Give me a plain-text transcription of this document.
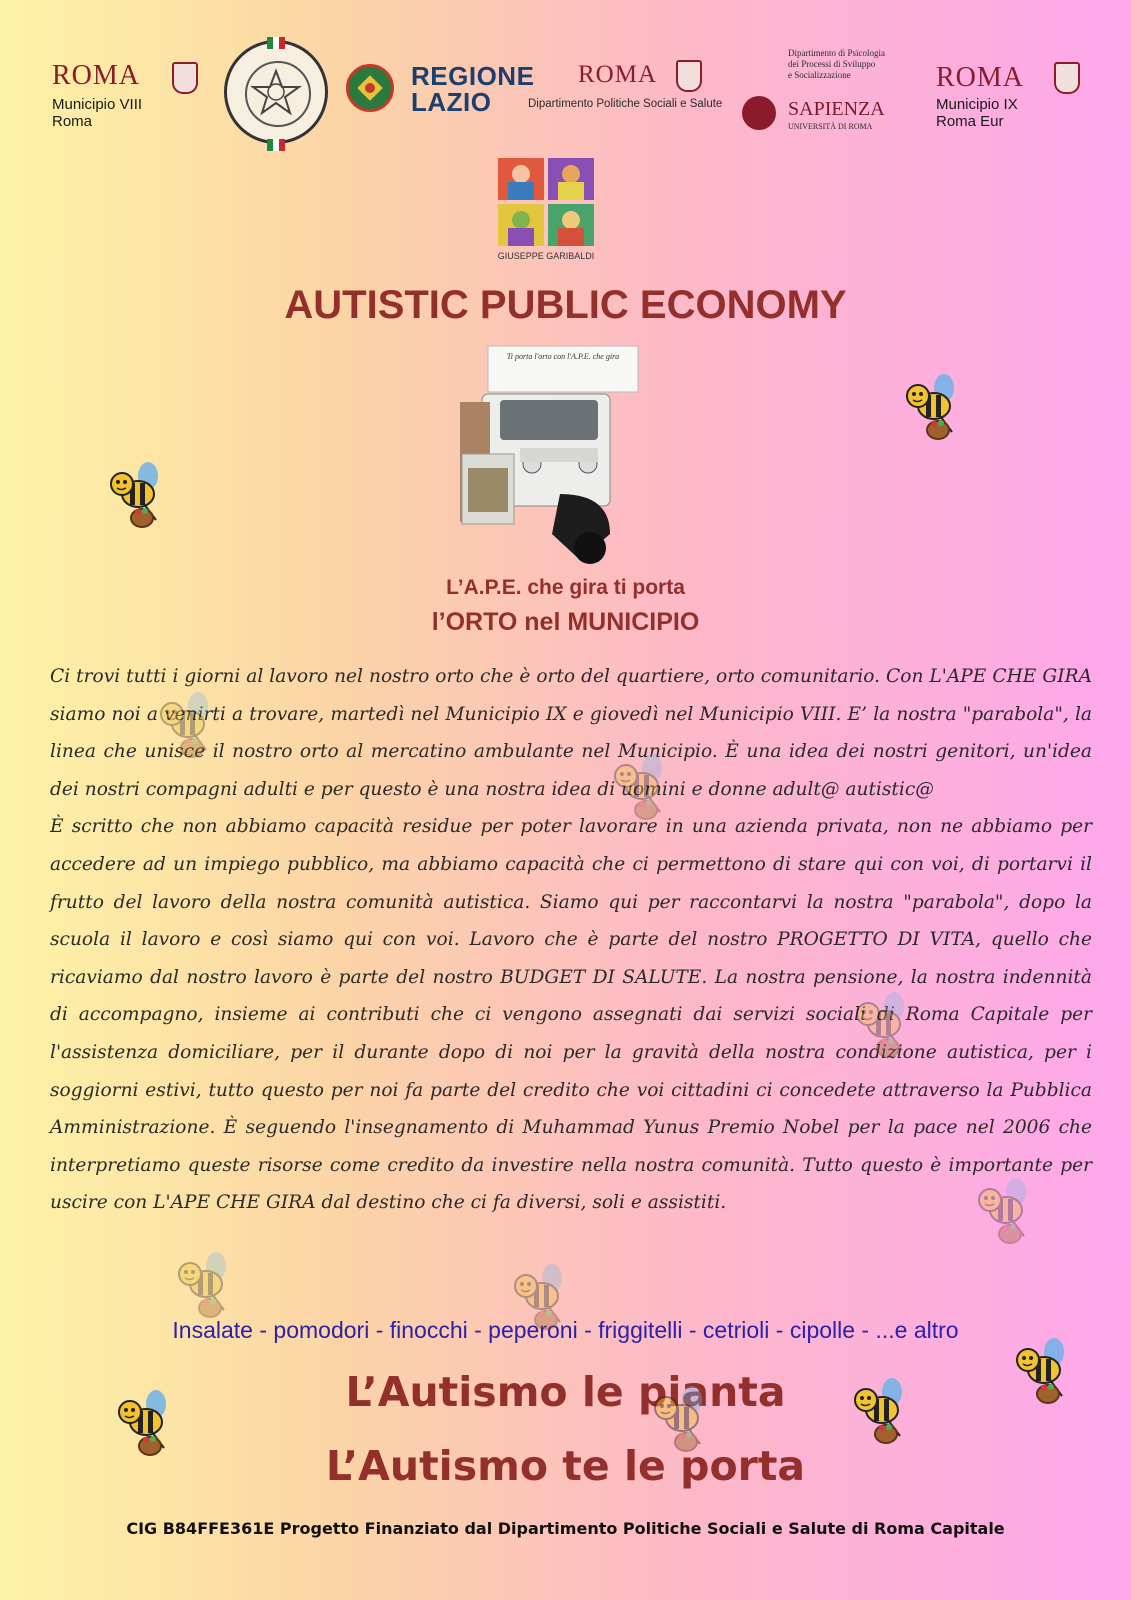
ROMA
Municipio VIII
Roma
REGIONE
LAZIO
ROMA
Dipartimento Politiche Sociali e Salute
Dipartimento di Psicologia
dei Processi di Sviluppo
e Socializzazione
SAPIENZA
UNIVERSITÀ DI ROMA
ROMA
Municipio IX
Roma Eur
GIUSEPPE GARIBALDI
AUTISTIC PUBLIC ECONOMY
Ti porta l'orto con l'A.P.E. che gira
L’A.P.E. che gira ti porta
l’ORTO nel MUNICIPIO

Ci trovi tutti i giorni al lavoro nel nostro orto che è orto del quartiere, orto comunitario. Con L'APE CHE GIRA siamo noi a venirti a trovare, martedì nel Municipio IX e giovedì nel Municipio VIII. E’ la nostra "parabola", la linea che unisce il nostro orto al mercatino ambulante nel Municipio. È una idea dei nostri genitori, un'idea dei nostri compagni adulti e per questo è una nostra idea di uomini e donne adult@ autistic@

È scritto che non abbiamo capacità residue per poter lavorare in una azienda privata, non ne abbiamo per accedere ad un impiego pubblico, ma abbiamo capacità che ci permettono di stare qui con voi, di portarvi il frutto del lavoro della nostra comunità autistica. Siamo qui per raccontarvi la nostra "parabola", dopo la scuola il lavoro e così siamo qui con voi. Lavoro che è parte del nostro PROGETTO DI VITA, quello che ricaviamo dal nostro lavoro è parte del nostro BUDGET DI SALUTE. La nostra pensione, la nostra indennità di accompagno, insieme ai contributi che ci vengono assegnati dai servizi sociali di Roma Capitale per l'assistenza domiciliare, per il durante dopo di noi per la gravità della nostra condizione autistica, per i soggiorni estivi, tutto questo per noi fa parte del credito che voi cittadini ci concedete attraverso la Pubblica Amministrazione. È seguendo l'insegnamento di Muhammad Yunus Premio Nobel per la pace nel 2006 che interpretiamo queste risorse come credito da investire nella nostra comunità. Tutto questo è importante per uscire con L'APE CHE GIRA dal destino che ci fa diversi, soli e assistiti.

Insalate - pomodori - finocchi - peperoni - friggitelli - cetrioli - cipolle - ...e altro
L’Autismo le pianta
L’Autismo te le porta
CIG B84FFE361E Progetto Finanziato dal Dipartimento Politiche Sociali e Salute di Roma Capitale
